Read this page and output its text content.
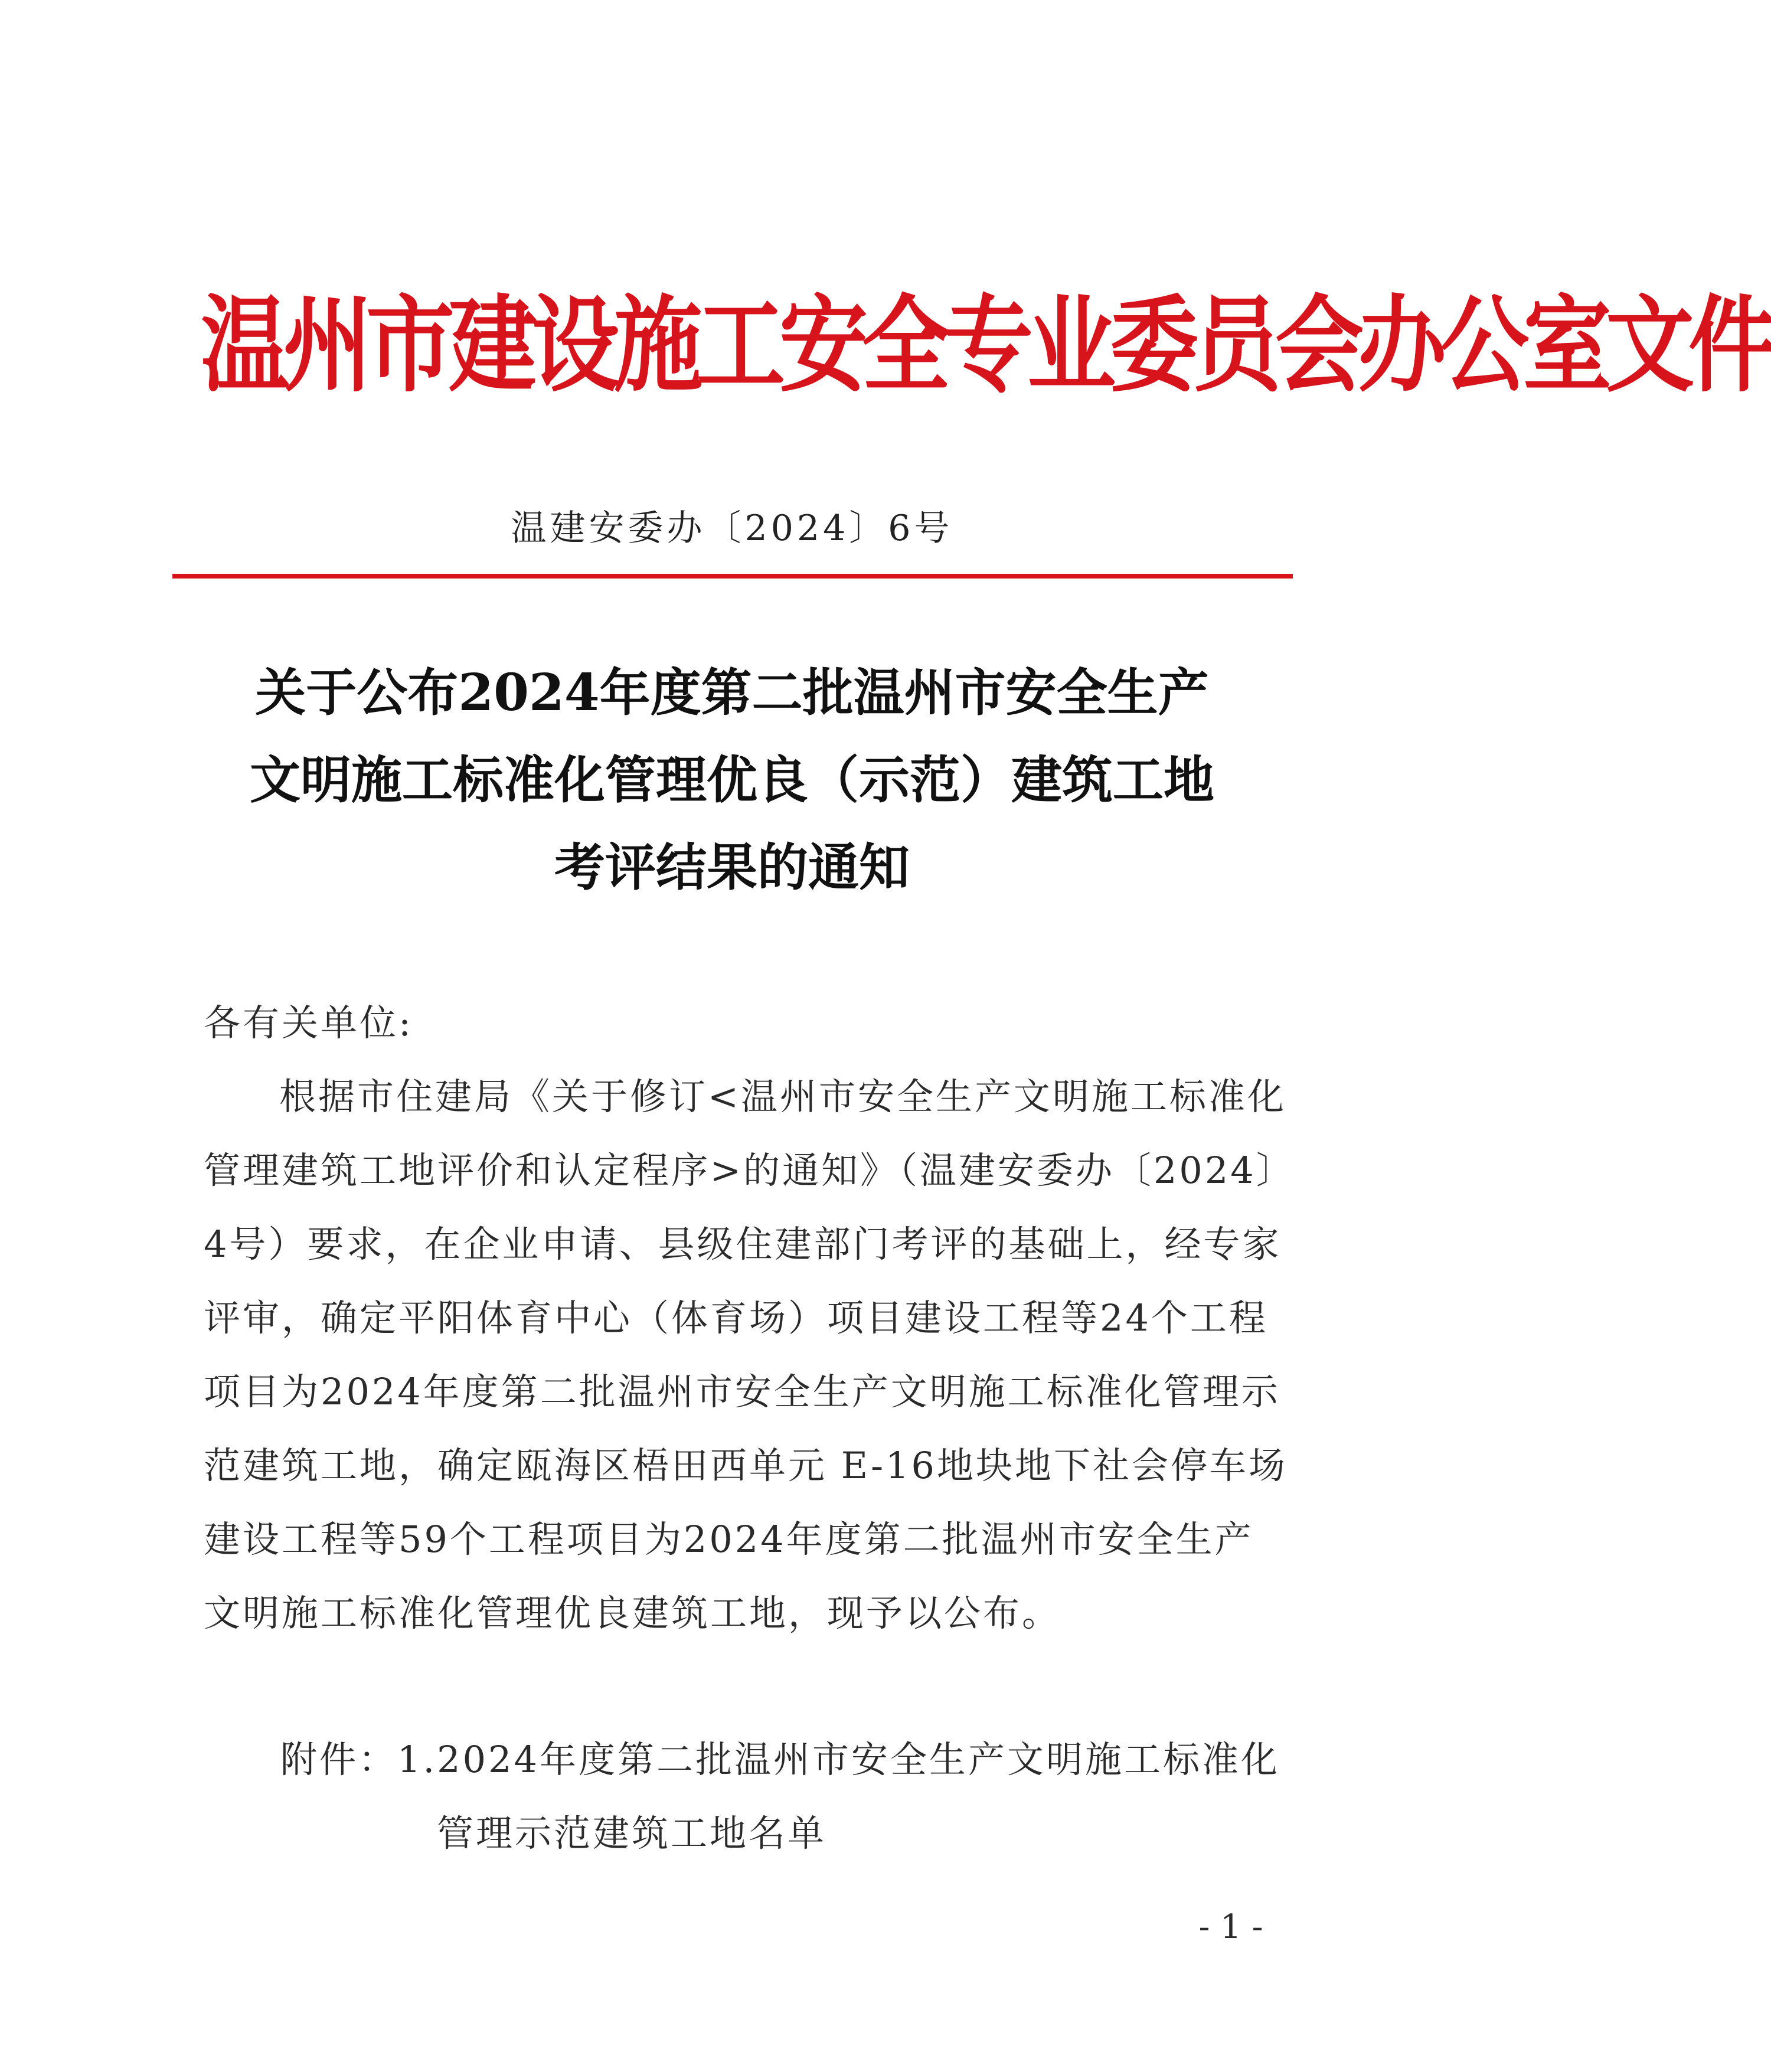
温州市建设施工安全专业委员会办公室文件
温建安委办〔2024〕6号
关于公布2024年度第二批温州市安全生产
文明施工标准化管理优良（示范）建筑工地
考评结果的通知
各有关单位:
根据市住建局《关于修订<温州市安全生产文明施工标准化
管理建筑工地评价和认定程序>的通知》（温建安委办〔2024〕
4号）要求，在企业申请、县级住建部门考评的基础上，经专家
评审，确定平阳体育中心（体育场）项目建设工程等24个工程
项目为2024年度第二批温州市安全生产文明施工标准化管理示
范建筑工地，确定瓯海区梧田西单元 E-16地块地下社会停车场
建设工程等59个工程项目为2024年度第二批温州市安全生产
文明施工标准化管理优良建筑工地，现予以公布。
附件：1.2024年度第二批温州市安全生产文明施工标准化
管理示范建筑工地名单
- 1 -
